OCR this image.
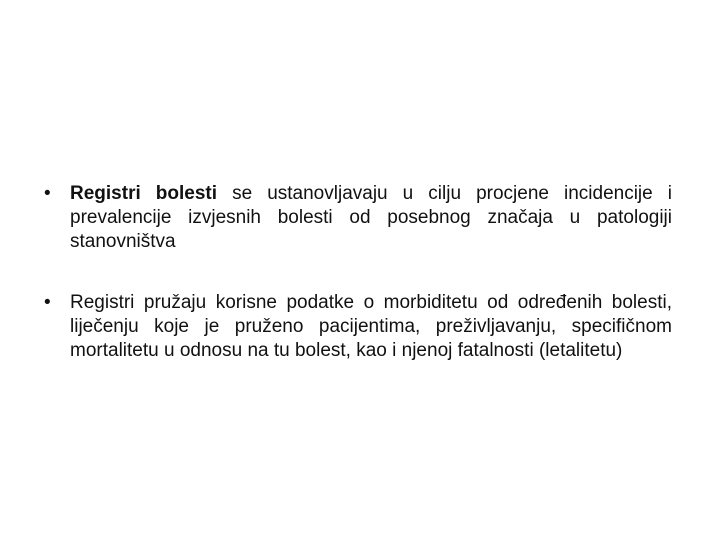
•	Registri bolesti se ustanovljavaju u cilju procjene incidencije i prevalencije izvjesnih bolesti od posebnog značaja u patologiji stanovništva
•	Registri pružaju korisne podatke o morbiditetu od određenih bolesti, liječenju koje je pruženo pacijentima, preživljavanju, specifičnom mortalitetu u odnosu na tu bolest, kao i njenoj fatalnosti (letalitetu)
